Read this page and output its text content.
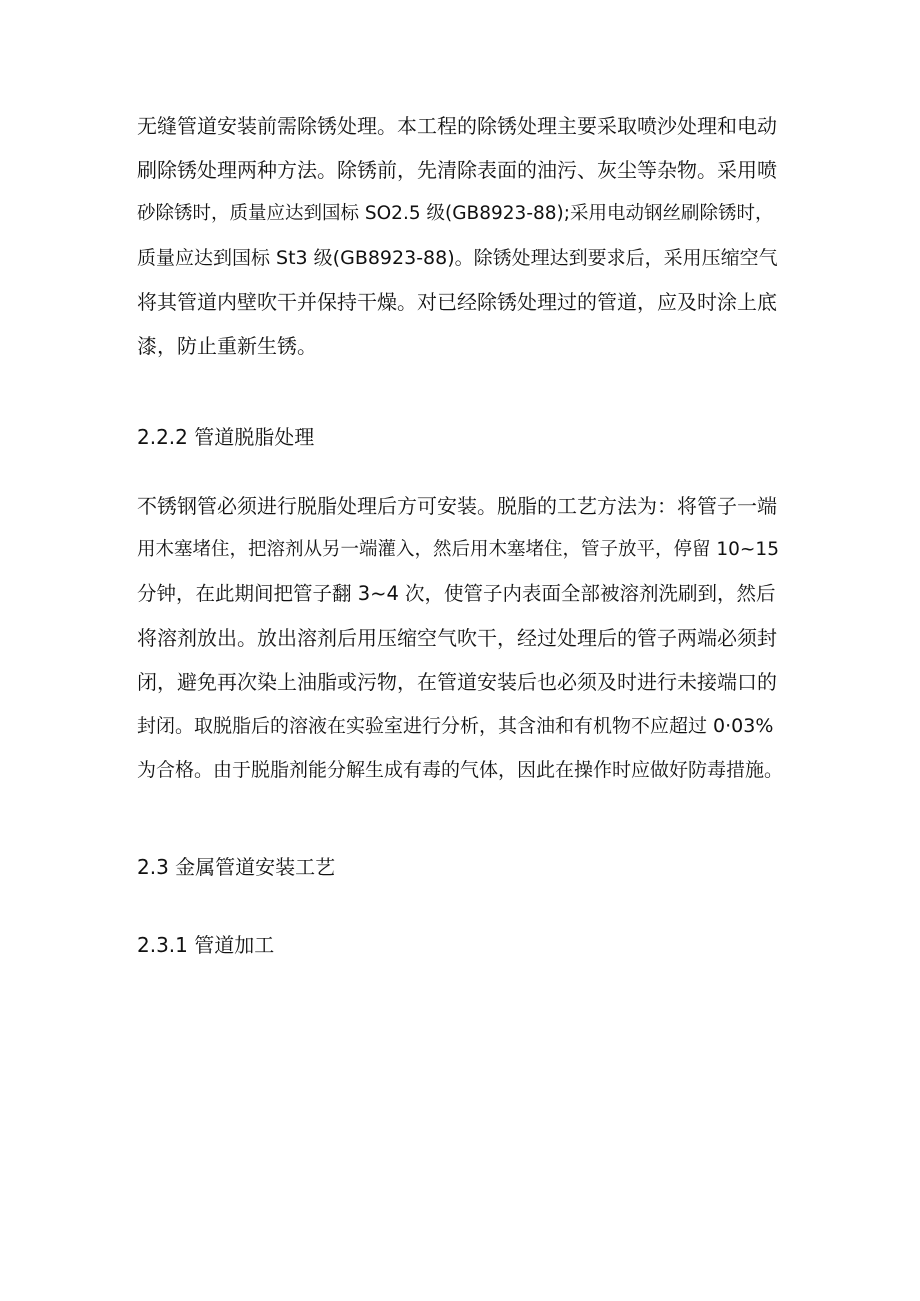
无缝管道安装前需除锈处理。本工程的除锈处理主要采取喷沙处理和电动
刷除锈处理两种方法。除锈前，先清除表面的油污、灰尘等杂物。采用喷
砂除锈时，质量应达到国标 SO2.5 级(GB8923-88);采用电动钢丝刷除锈时，
质量应达到国标 St3 级(GB8923-88)。除锈处理达到要求后，采用压缩空气
将其管道内壁吹干并保持干燥。对已经除锈处理过的管道，应及时涂上底
漆，防止重新生锈。
2.2.2 管道脱脂处理
不锈钢管必须进行脱脂处理后方可安装。脱脂的工艺方法为：将管子一端
用木塞堵住，把溶剂从另一端灌入，然后用木塞堵住，管子放平，停留 10~15
分钟，在此期间把管子翻 3~4 次，使管子内表面全部被溶剂洗刷到，然后
将溶剂放出。放出溶剂后用压缩空气吹干，经过处理后的管子两端必须封
闭，避免再次染上油脂或污物，在管道安装后也必须及时进行未接端口的
封闭。取脱脂后的溶液在实验室进行分析，其含油和有机物不应超过 0·03%
为合格。由于脱脂剂能分解生成有毒的气体，因此在操作时应做好防毒措施。
2.3 金属管道安装工艺
2.3.1 管道加工
